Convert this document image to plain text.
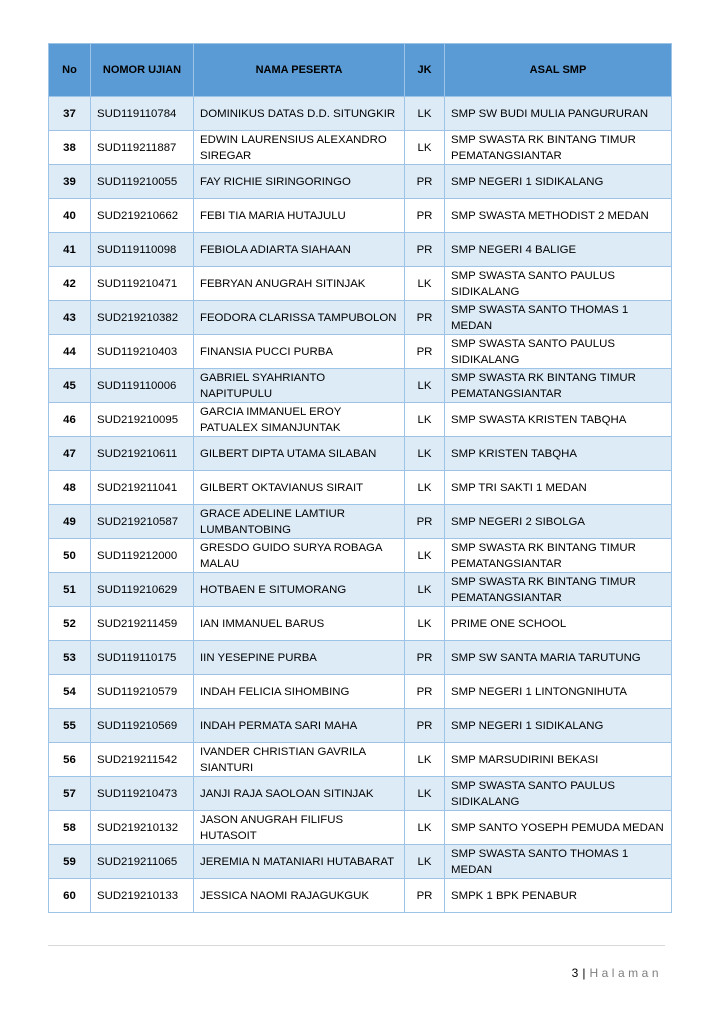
No	NOMOR UJIAN	NAMA PESERTA	JK	ASAL SMP
37	SUD119110784	DOMINIKUS DATAS D.D. SITUNGKIR	LK	SMP SW BUDI MULIA PANGURURAN
38	SUD119211887	EDWIN LAURENSIUS ALEXANDRO SIREGAR	LK	SMP SWASTA RK BINTANG TIMUR PEMATANGSIANTAR
39	SUD119210055	FAY RICHIE SIRINGORINGO	PR	SMP NEGERI 1 SIDIKALANG
40	SUD219210662	FEBI TIA MARIA HUTAJULU	PR	SMP SWASTA METHODIST 2 MEDAN
41	SUD119110098	FEBIOLA ADIARTA SIAHAAN	PR	SMP NEGERI 4 BALIGE
42	SUD119210471	FEBRYAN ANUGRAH SITINJAK	LK	SMP SWASTA SANTO PAULUS SIDIKALANG
43	SUD219210382	FEODORA CLARISSA TAMPUBOLON	PR	SMP SWASTA SANTO THOMAS 1 MEDAN
44	SUD119210403	FINANSIA PUCCI PURBA	PR	SMP SWASTA SANTO PAULUS SIDIKALANG
45	SUD119110006	GABRIEL SYAHRIANTO NAPITUPULU	LK	SMP SWASTA RK BINTANG TIMUR PEMATANGSIANTAR
46	SUD219210095	GARCIA IMMANUEL EROY PATUALEX SIMANJUNTAK	LK	SMP SWASTA KRISTEN TABQHA
47	SUD219210611	GILBERT DIPTA UTAMA SILABAN	LK	SMP KRISTEN TABQHA
48	SUD219211041	GILBERT OKTAVIANUS SIRAIT	LK	SMP TRI SAKTI 1 MEDAN
49	SUD219210587	GRACE ADELINE LAMTIUR LUMBANTOBING	PR	SMP NEGERI 2 SIBOLGA
50	SUD119212000	GRESDO GUIDO SURYA ROBAGA MALAU	LK	SMP SWASTA RK BINTANG TIMUR PEMATANGSIANTAR
51	SUD119210629	HOTBAEN E SITUMORANG	LK	SMP SWASTA RK BINTANG TIMUR PEMATANGSIANTAR
52	SUD219211459	IAN IMMANUEL BARUS	LK	PRIME ONE SCHOOL
53	SUD119110175	IIN YESEPINE PURBA	PR	SMP SW SANTA MARIA TARUTUNG
54	SUD119210579	INDAH FELICIA SIHOMBING	PR	SMP NEGERI 1 LINTONGNIHUTA
55	SUD119210569	INDAH PERMATA SARI MAHA	PR	SMP NEGERI 1 SIDIKALANG
56	SUD219211542	IVANDER CHRISTIAN GAVRILA SIANTURI	LK	SMP MARSUDIRINI BEKASI
57	SUD119210473	JANJI RAJA SAOLOAN SITINJAK	LK	SMP SWASTA SANTO PAULUS SIDIKALANG
58	SUD219210132	JASON ANUGRAH FILIFUS HUTASOIT	LK	SMP SANTO YOSEPH PEMUDA MEDAN
59	SUD219211065	JEREMIA N MATANIARI HUTABARAT	LK	SMP SWASTA SANTO THOMAS 1 MEDAN
60	SUD219210133	JESSICA NAOMI RAJAGUKGUK	PR	SMPK 1 BPK PENABUR
3 | Halaman
